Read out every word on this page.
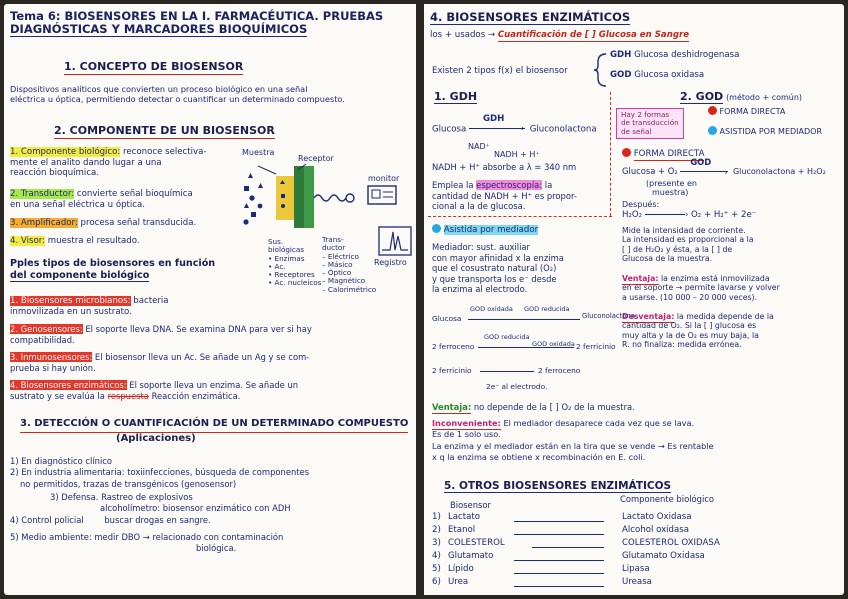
Tema 6: BIOSENSORES EN LA I. FARMACÉUTICA. PRUEBAS
DIAGNÓSTICAS Y MARCADORES BIOQUÍMICOS
1. CONCEPTO DE BIOSENSOR
Dispositivos analíticos que convierten un proceso biológico en una señal
eléctrica u óptica, permitiendo detectar o cuantificar un determinado compuesto.
2. COMPONENTE DE UN BIOSENSOR
1. Componente biológico: reconoce selectiva-
mente el analito dando lugar a una
reacción bioquímica.
2. Transductor: convierte señal bioquímica
en una señal eléctrica u óptica.
3. Amplificador: procesa señal transducida.
4. Visor: muestra el resultado.
Muestra
Receptor
monitor
Registro
Sus.
biológicas
• Enzimas
• Ac.
• Receptores
• Ac. nucleicos
Trans-
ductor
– Eléctrico
– Másico
– Óptico
– Magnético
– Calorimétrico
Pples tipos de biosensores en función
del componente biológico
1. Biosensores microbianos: bacteria
inmovilizada en un sustrato.
2. Genosensores: El soporte lleva DNA. Se examina DNA para ver si hay
compatibilidad.
3. Inmunosensores: El biosensor lleva un Ac. Se añade un Ag y se com-
prueba si hay unión.
4. Biosensores enzimáticos: El soporte lleva un enzima. Se añade un
sustrato y se evalúa la respuesta Reacción enzimática.
3. DETECCIÓN O CUANTIFICACIÓN DE UN DETERMINADO COMPUESTO
(Aplicaciones)
1) En diagnóstico clínico
2) En industria alimentaria: toxiinfecciones, búsqueda de componentes
no permitidos, trazas de transgénicos (genosensor)
3) Defensa. Rastreo de explosivos
alcoholímetro: biosensor enzimático con ADH
4) Control policial buscar drogas en sangre.
5) Medio ambiente: medir DBO → relacionado con contaminación
biológica.
4. BIOSENSORES ENZIMÁTICOS
los + usados → Cuantificación de [ ] Glucosa en Sangre
Existen 2 tipos f(x) el biosensor
GDH Glucosa deshidrogenasa
GOD Glucosa oxidasa
1. GDH	2. GOD (método + común)
Hay 2 formas
de transducción
de señal
FORMA DIRECTA
ASISTIDA POR MEDIADOR
Glucosa
GDH
› Gluconolactona
NAD⁺
NADH + H⁺
NADH + H⁺ absorbe a λ = 340 nm
Emplea la espectroscopía: la
cantidad de NADH + H⁺ es propor-
cional a la de glucosa.
FORMA DIRECTA
Glucosa + O₂
GOD
› Gluconolactona + H₂O₂
(presente en
muestra)
Después:
H₂O₂	› O₂ + H₂⁺ + 2e⁻
Mide la intensidad de corriente.
La intensidad es proporcional a la
[ ] de H₂O₂ y ésta, a la [ ] de
Glucosa de la muestra.
Ventaja: la enzima está inmovilizada
en el soporte → permite lavarse y volver
a usarse. (10 000 – 20 000 veces).
Desventaja: la medida depende de la
cantidad de O₂. Si la [ ] glucosa es
muy alta y la de O₂ es muy baja, la
R. no finaliza: medida errónea.
Asistida por mediador
Mediador: sust. auxiliar
con mayor afinidad x la enzima
que el cosustrato natural (O₂)
y que transporta los e⁻ desde
la enzima al electrodo.
Glucosa
GOD oxidada GOD reducida
Gluconolactona
2 ferroceno
GOD reducida
GOD oxidada 2 ferricinio
2 ferricinio	2 ferroceno
2e⁻ al electrodo.
Ventaja: no depende de la [ ] O₂ de la muestra.
Inconveniente: El mediador desaparece cada vez que se lava.
Es de 1 solo uso.
La enzima y el mediador están en la tira que se vende → Es rentable
x q la enzima se obtiene x recombinación en E. coli.
5. OTROS BIOSENSORES ENZIMÁTICOS
Biosensor
Componente biológico
1) Lactato	Lactato Oxidasa
2) Etanol	Alcohol oxidasa
3) COLESTEROL	COLESTEROL OXIDASA
4) Glutamato	Glutamato Oxidasa
5) Lípido	Lipasa
6) Urea	Ureasa
